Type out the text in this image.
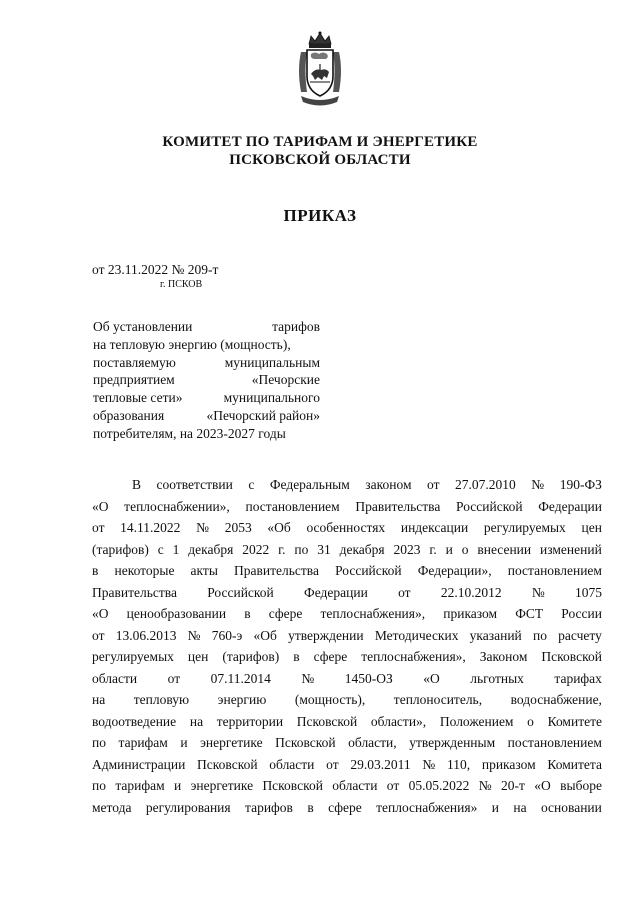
КОМИТЕТ ПО ТАРИФАМ И ЭНЕРГЕТИКЕ
ПСКОВСКОЙ ОБЛАСТИ
ПРИКАЗ
от 23.11.2022 № 209-т
г. ПСКОВ
Об установлении	тарифов
на тепловую энергию (мощность),
поставляемую	муниципальным
предприятием	«Печорские
тепловые сети»	муниципального
образования	«Печорский район»
потребителям, на 2023-2027 годы
В соответствии с Федеральным законом от 27.07.2010 № 190-ФЗ
«О теплоснабжении», постановлением Правительства Российской Федерации
от 14.11.2022 № 2053 «Об особенностях индексации регулируемых цен
(тарифов) с 1 декабря 2022 г. по 31 декабря 2023 г. и о внесении изменений
в некоторые акты Правительства Российской Федерации», постановлением
Правительства Российской Федерации от 22.10.2012 № 1075
«О ценообразовании в сфере теплоснабжения», приказом ФСТ России
от 13.06.2013 № 760-э «Об утверждении Методических указаний по расчету
регулируемых цен (тарифов) в сфере теплоснабжения», Законом Псковской
области от 07.11.2014 № 1450-ОЗ «О льготных тарифах
на тепловую энергию (мощность), теплоноситель, водоснабжение,
водоотведение на территории Псковской области», Положением о Комитете
по тарифам и энергетике Псковской области, утвержденным постановлением
Администрации Псковской области от 29.03.2011 № 110, приказом Комитета
по тарифам и энергетике Псковской области от 05.05.2022 № 20-т «О выборе
метода регулирования тарифов в сфере теплоснабжения» и на основании
